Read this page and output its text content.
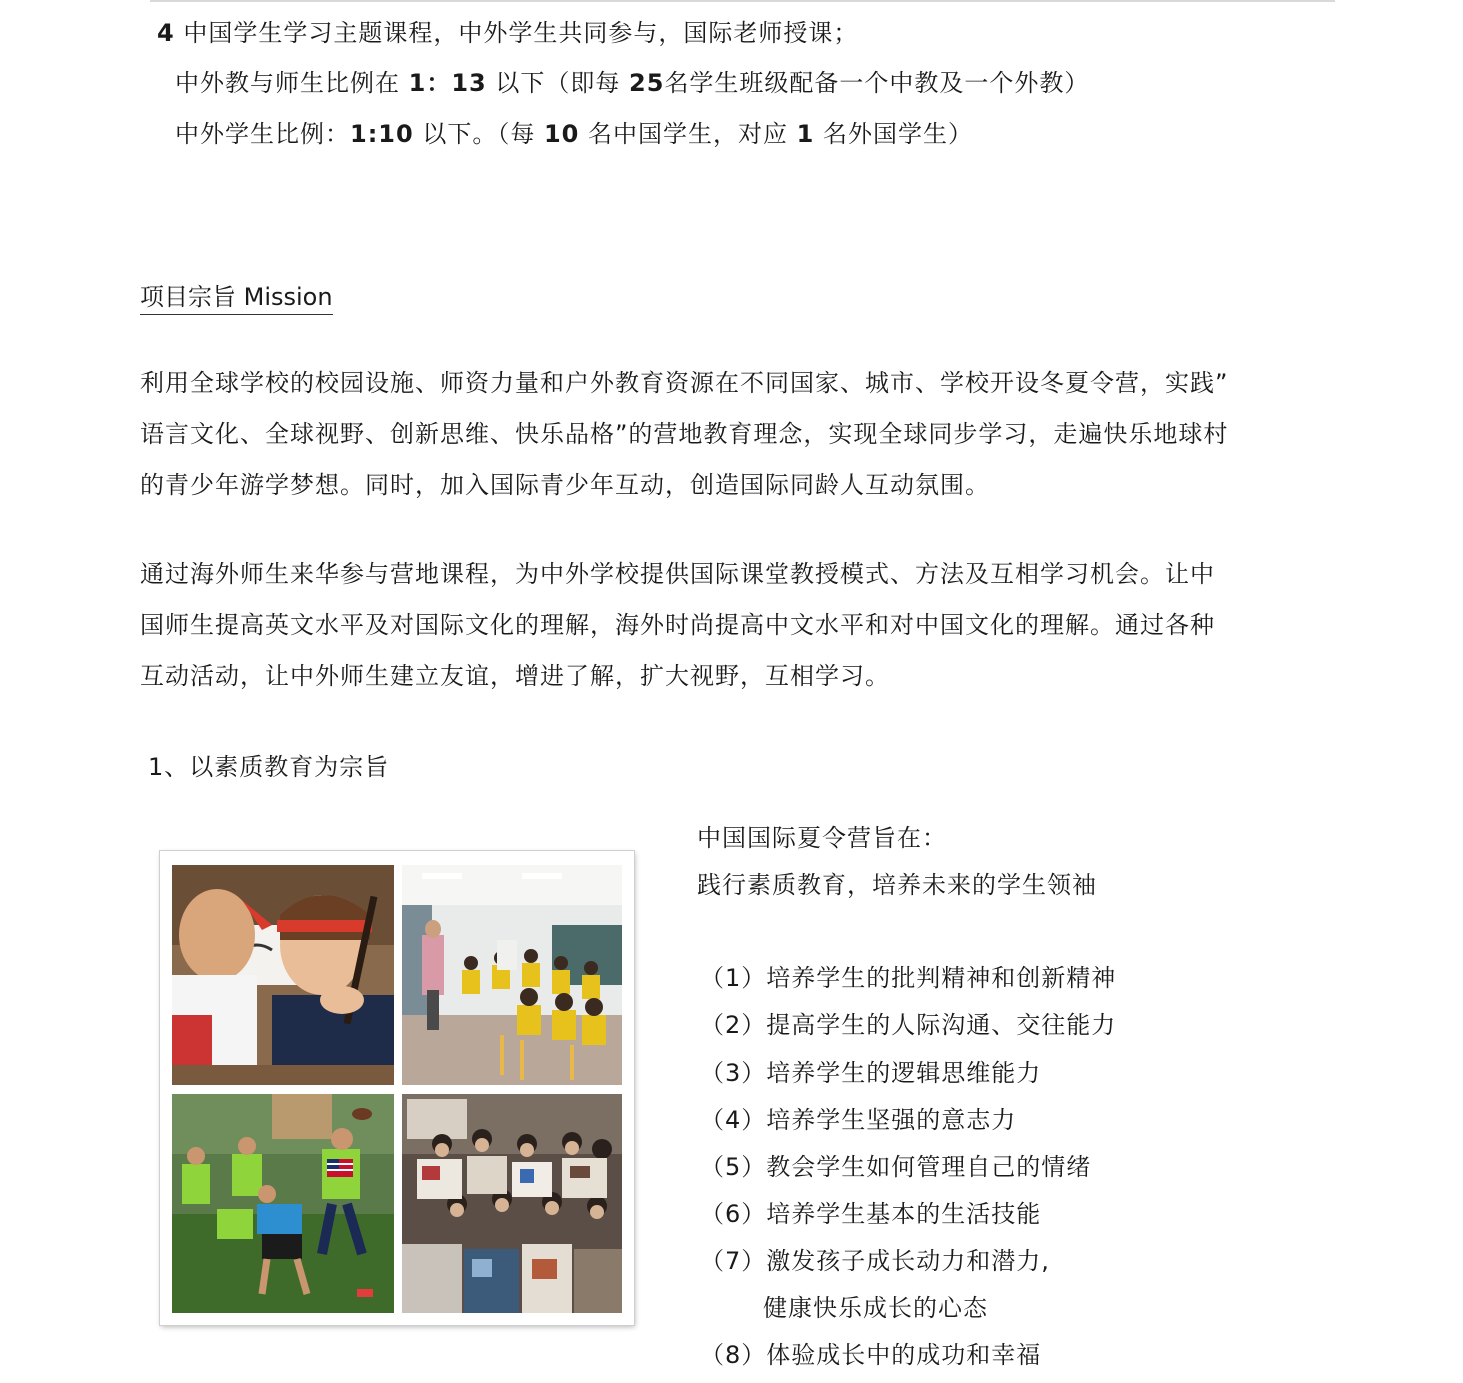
4 中国学生学习主题课程，中外学生共同参与，国际老师授课；
中外教与师生比例在 1：13 以下（即每 25名学生班级配备一个中教及一个外教）
中外学生比例：1:10 以下。（每 10 名中国学生，对应 1 名外国学生）
项目宗旨 Mission
利用全球学校的校园设施、师资力量和户外教育资源在不同国家、城市、学校开设冬夏令营，实践”
语言文化、全球视野、创新思维、快乐品格”的营地教育理念，实现全球同步学习，走遍快乐地球村
的青少年游学梦想。同时，加入国际青少年互动，创造国际同龄人互动氛围。
通过海外师生来华参与营地课程，为中外学校提供国际课堂教授模式、方法及互相学习机会。让中
国师生提高英文水平及对国际文化的理解，海外时尚提高中文水平和对中国文化的理解。通过各种
互动活动，让中外师生建立友谊，增进了解，扩大视野，互相学习。
1、以素质教育为宗旨
中国国际夏令营旨在：
践行素质教育，培养未来的学生领袖
（1）培养学生的批判精神和创新精神
（2）提高学生的人际沟通、交往能力
（3）培养学生的逻辑思维能力
（4）培养学生坚强的意志力
（5）教会学生如何管理自己的情绪
（6）培养学生基本的生活技能
（7）激发孩子成长动力和潜力,
健康快乐成长的心态
（8）体验成长中的成功和幸福
